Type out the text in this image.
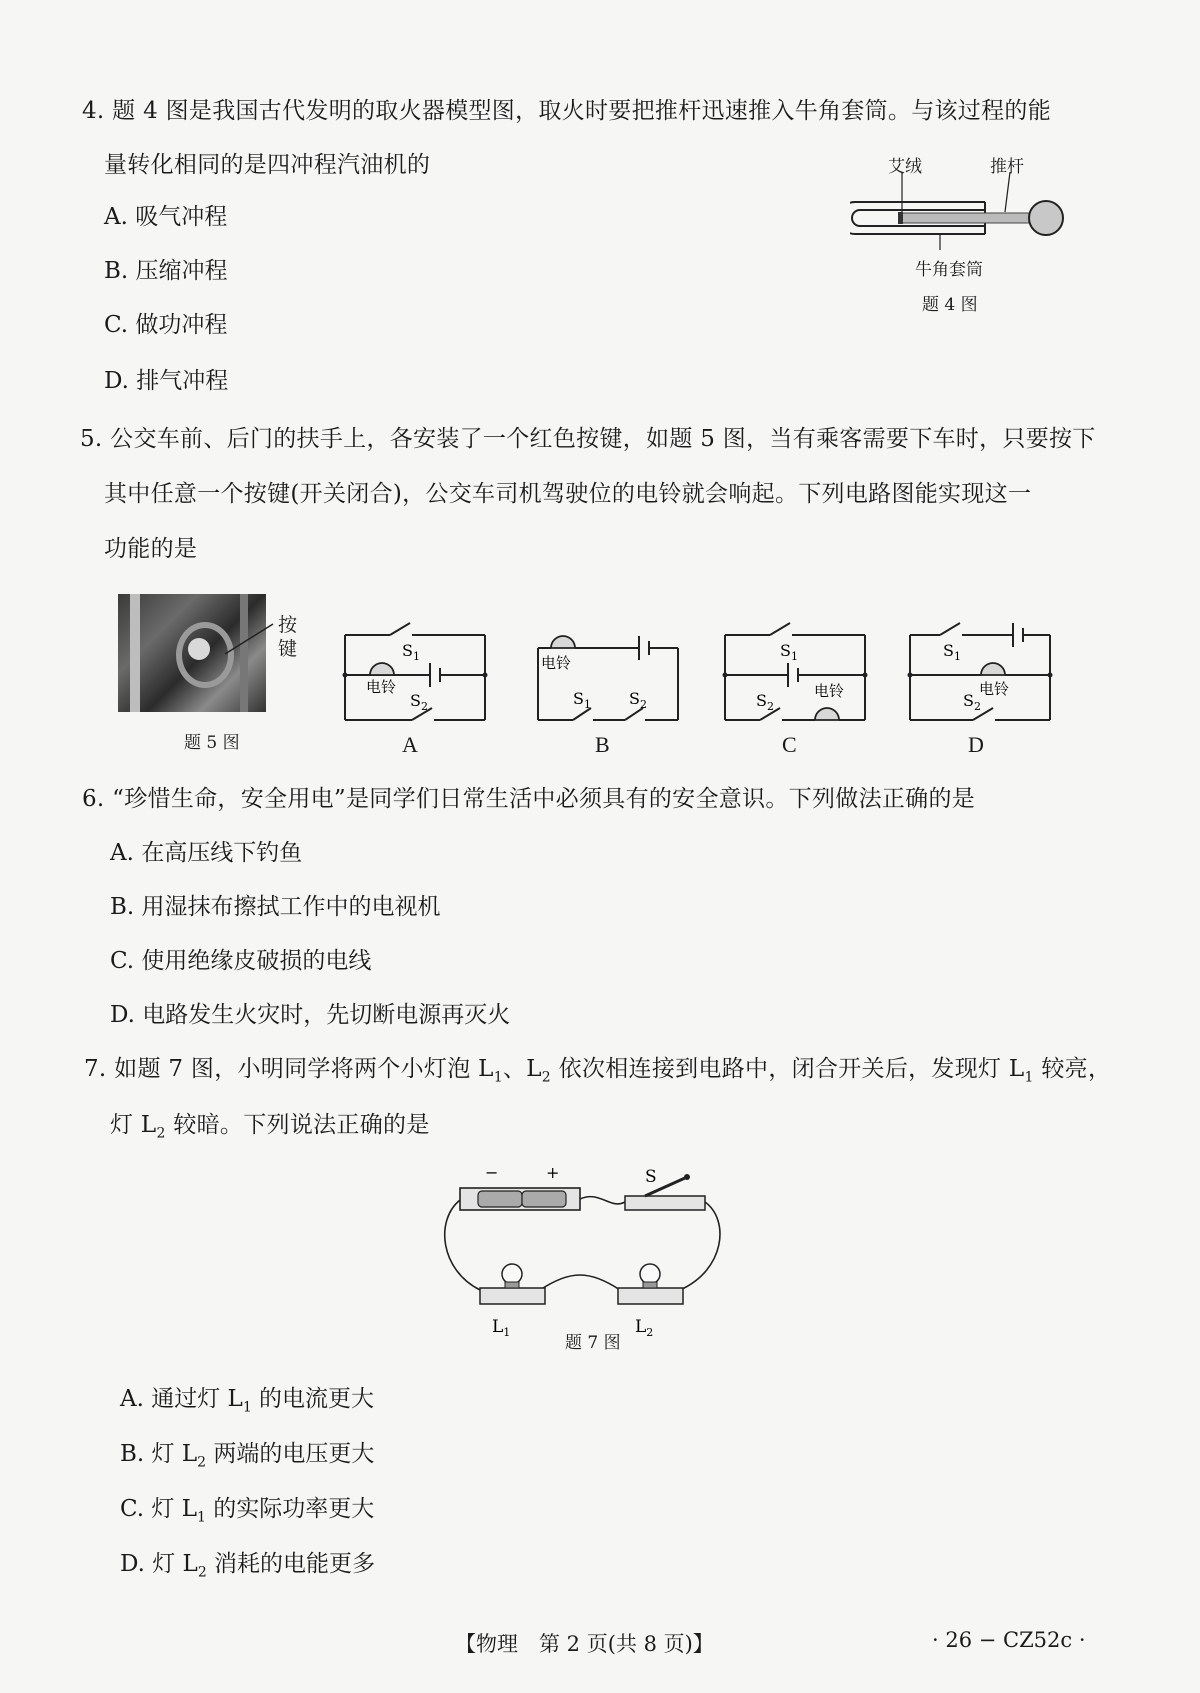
4. 题 4 图是我国古代发明的取火器模型图，取火时要把推杆迅速推入牛角套筒。与该过程的能
量转化相同的是四冲程汽油机的
A. 吸气冲程
B. 压缩冲程
C. 做功冲程
D. 排气冲程
艾绒	推杆
牛角套筒
题 4 图
5. 公交车前、后门的扶手上，各安装了一个红色按键，如题 5 图，当有乘客需要下车时，只要按下
其中任意一个按键(开关闭合)，公交车司机驾驶位的电铃就会响起。下列电路图能实现这一
功能的是
按
键
题 5 图
$S_1$
电铃
$S_2$
A
电铃
$S_1$ $S_2$
B
$S_1$
电铃
$S_2$
C
$S_1$
电铃
$S_2$
D
6. “珍惜生命，安全用电”是同学们日常生活中必须具有的安全意识。下列做法正确的是
A. 在高压线下钓鱼
B. 用湿抹布擦拭工作中的电视机
C. 使用绝缘皮破损的电线
D. 电路发生火灾时，先切断电源再灭火
7. 如题 7 图，小明同学将两个小灯泡 $L_1$、$L_2$ 依次相连接到电路中，闭合开关后，发现灯 $L_1$ 较亮，
灯 $L_2$ 较暗。下列说法正确的是
−	+	S
$L_1$	$L_2$
题 7 图
A. 通过灯 $L_1$ 的电流更大
B. 灯 $L_2$ 两端的电压更大
C. 灯 $L_1$ 的实际功率更大
D. 灯 $L_2$ 消耗的电能更多
【物理　第 2 页(共 8 页)】	· 26 − CZ52c ·
